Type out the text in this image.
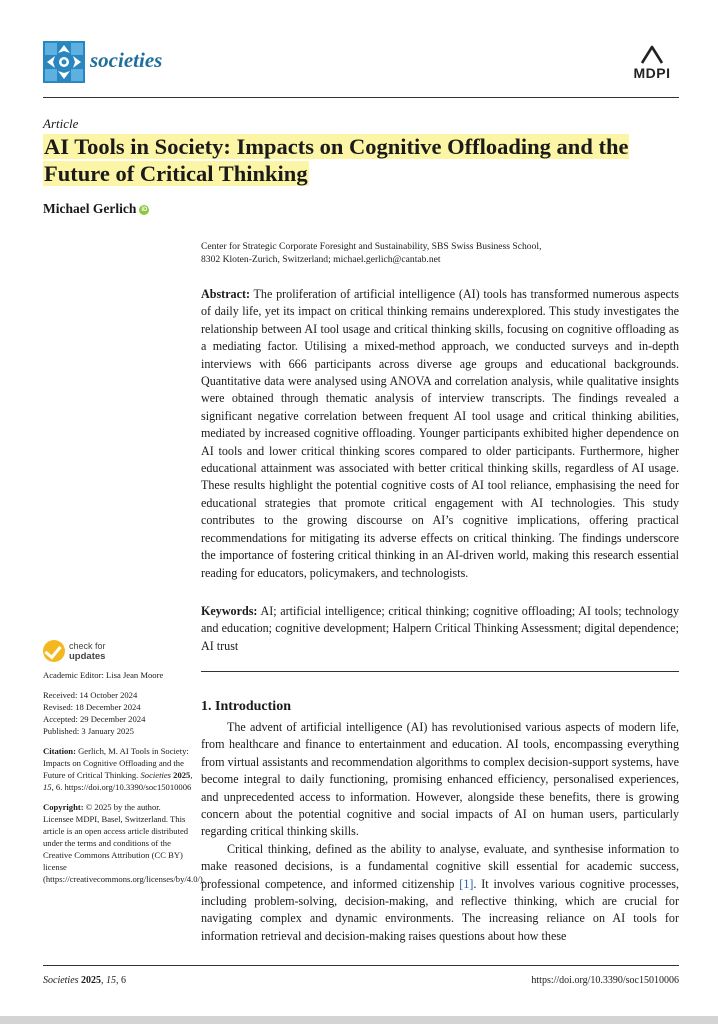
societies
MDPI
Article
AI Tools in Society: Impacts on Cognitive Offloading and the Future of Critical Thinking
Michael Gerlich iD
Center for Strategic Corporate Foresight and Sustainability, SBS Swiss Business School,
8302 Kloten-Zurich, Switzerland; michael.gerlich@cantab.net
Abstract: The proliferation of artificial intelligence (AI) tools has transformed numerous aspects of daily life, yet its impact on critical thinking remains underexplored. This study investigates the relationship between AI tool usage and critical thinking skills, focusing on cognitive offloading as a mediating factor. Utilising a mixed-method approach, we conducted surveys and in-depth interviews with 666 participants across diverse age groups and educational backgrounds. Quantitative data were analysed using ANOVA and correlation analysis, while qualitative insights were obtained through thematic analysis of interview transcripts. The findings revealed a significant negative correlation between frequent AI tool usage and critical thinking abilities, mediated by increased cognitive offloading. Younger participants exhibited higher dependence on AI tools and lower critical thinking scores compared to older participants. Furthermore, higher educational attainment was associated with better critical thinking skills, regardless of AI usage. These results highlight the potential cognitive costs of AI tool reliance, emphasising the need for educational strategies that promote critical engagement with AI technologies. This study contributes to the growing discourse on AI’s cognitive implications, offering practical recommendations for mitigating its adverse effects on critical thinking. The findings underscore the importance of fostering critical thinking in an AI-driven world, making this research essential reading for educators, policymakers, and technologists.
Keywords: AI; artificial intelligence; critical thinking; cognitive offloading; AI tools; technology and education; cognitive development; Halpern Critical Thinking Assessment; digital dependence; AI trust
1. Introduction

The advent of artificial intelligence (AI) has revolutionised various aspects of modern life, from healthcare and finance to entertainment and education. AI tools, encompassing everything from virtual assistants and recommendation algorithms to complex decision-support systems, have become integral to daily functioning, promising enhanced efficiency, personalised experiences, and unprecedented access to information. However, alongside these benefits, there is growing concern about the potential cognitive and social impacts of AI on human users, particularly regarding critical thinking skills.

Critical thinking, defined as the ability to analyse, evaluate, and synthesise information to make reasoned decisions, is a fundamental cognitive skill essential for academic success, professional competence, and informed citizenship [1]. It involves various cognitive processes, including problem-solving, decision-making, and reflective thinking, which are crucial for navigating complex and dynamic environments. The increasing reliance on AI tools for information retrieval and decision-making raises questions about how these

check for
updates

Academic Editor: Lisa Jean Moore

Received: 14 October 2024

Revised: 18 December 2024

Accepted: 29 December 2024

Published: 3 January 2025

Citation: Gerlich, M. AI Tools in Society: Impacts on Cognitive Offloading and the Future of Critical Thinking. Societies 2025, 15, 6. https://doi.org/10.3390/soc15010006

Copyright: © 2025 by the author. Licensee MDPI, Basel, Switzerland. This article is an open access article distributed under the terms and conditions of the Creative Commons Attribution (CC BY) license (https://creativecommons.org/licenses/by/4.0/).

Societies 2025, 15, 6	https://doi.org/10.3390/soc15010006
